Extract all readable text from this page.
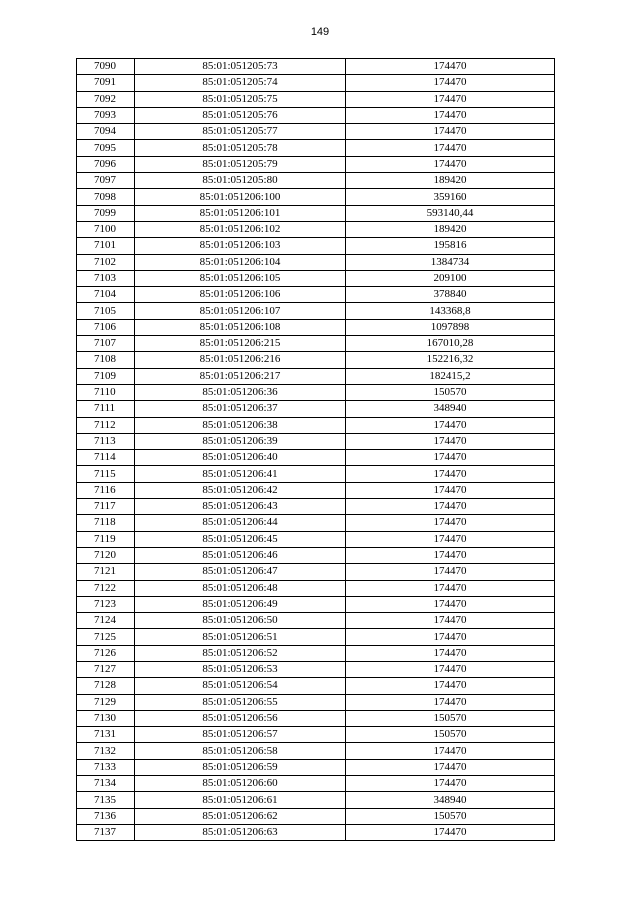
149
7090	85:01:051205:73	174470
7091	85:01:051205:74	174470
7092	85:01:051205:75	174470
7093	85:01:051205:76	174470
7094	85:01:051205:77	174470
7095	85:01:051205:78	174470
7096	85:01:051205:79	174470
7097	85:01:051205:80	189420
7098	85:01:051206:100	359160
7099	85:01:051206:101	593140,44
7100	85:01:051206:102	189420
7101	85:01:051206:103	195816
7102	85:01:051206:104	1384734
7103	85:01:051206:105	209100
7104	85:01:051206:106	378840
7105	85:01:051206:107	143368,8
7106	85:01:051206:108	1097898
7107	85:01:051206:215	167010,28
7108	85:01:051206:216	152216,32
7109	85:01:051206:217	182415,2
7110	85:01:051206:36	150570
7111	85:01:051206:37	348940
7112	85:01:051206:38	174470
7113	85:01:051206:39	174470
7114	85:01:051206:40	174470
7115	85:01:051206:41	174470
7116	85:01:051206:42	174470
7117	85:01:051206:43	174470
7118	85:01:051206:44	174470
7119	85:01:051206:45	174470
7120	85:01:051206:46	174470
7121	85:01:051206:47	174470
7122	85:01:051206:48	174470
7123	85:01:051206:49	174470
7124	85:01:051206:50	174470
7125	85:01:051206:51	174470
7126	85:01:051206:52	174470
7127	85:01:051206:53	174470
7128	85:01:051206:54	174470
7129	85:01:051206:55	174470
7130	85:01:051206:56	150570
7131	85:01:051206:57	150570
7132	85:01:051206:58	174470
7133	85:01:051206:59	174470
7134	85:01:051206:60	174470
7135	85:01:051206:61	348940
7136	85:01:051206:62	150570
7137	85:01:051206:63	174470
